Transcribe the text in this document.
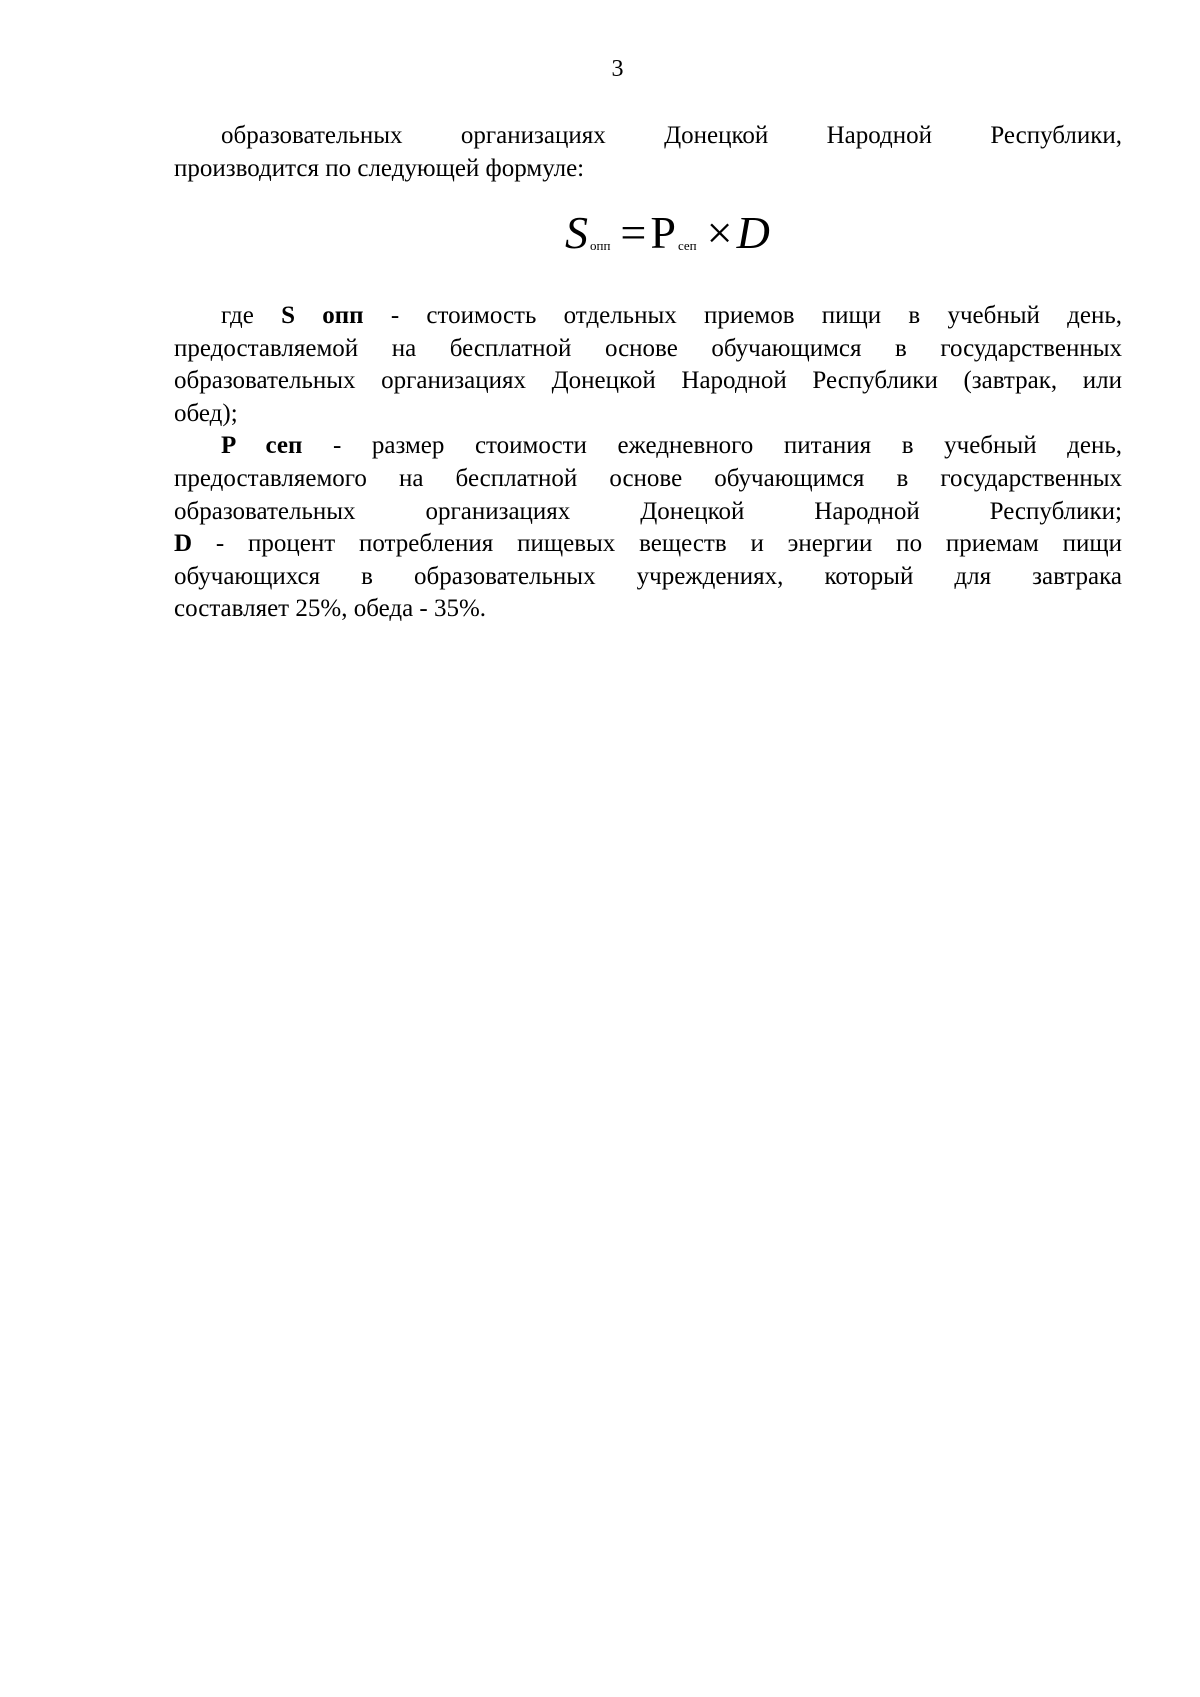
3
образовательных организациях Донецкой Народной Республики,
производится по следующей формуле:
Sопп =P сеп ×D
где S опп - стоимость отдельных приемов пищи в учебный день,
предоставляемой на бесплатной основе обучающимся в государственных
образовательных организациях Донецкой Народной Республики (завтрак, или
обед);
P сеп - размер стоимости ежедневного питания в учебный день,
предоставляемого на бесплатной основе обучающимся в государственных
образовательных организациях Донецкой Народной Республики;
D - процент потребления пищевых веществ и энергии по приемам пищи
обучающихся в образовательных учреждениях, который для завтрака
составляет 25%, обеда - 35%.
